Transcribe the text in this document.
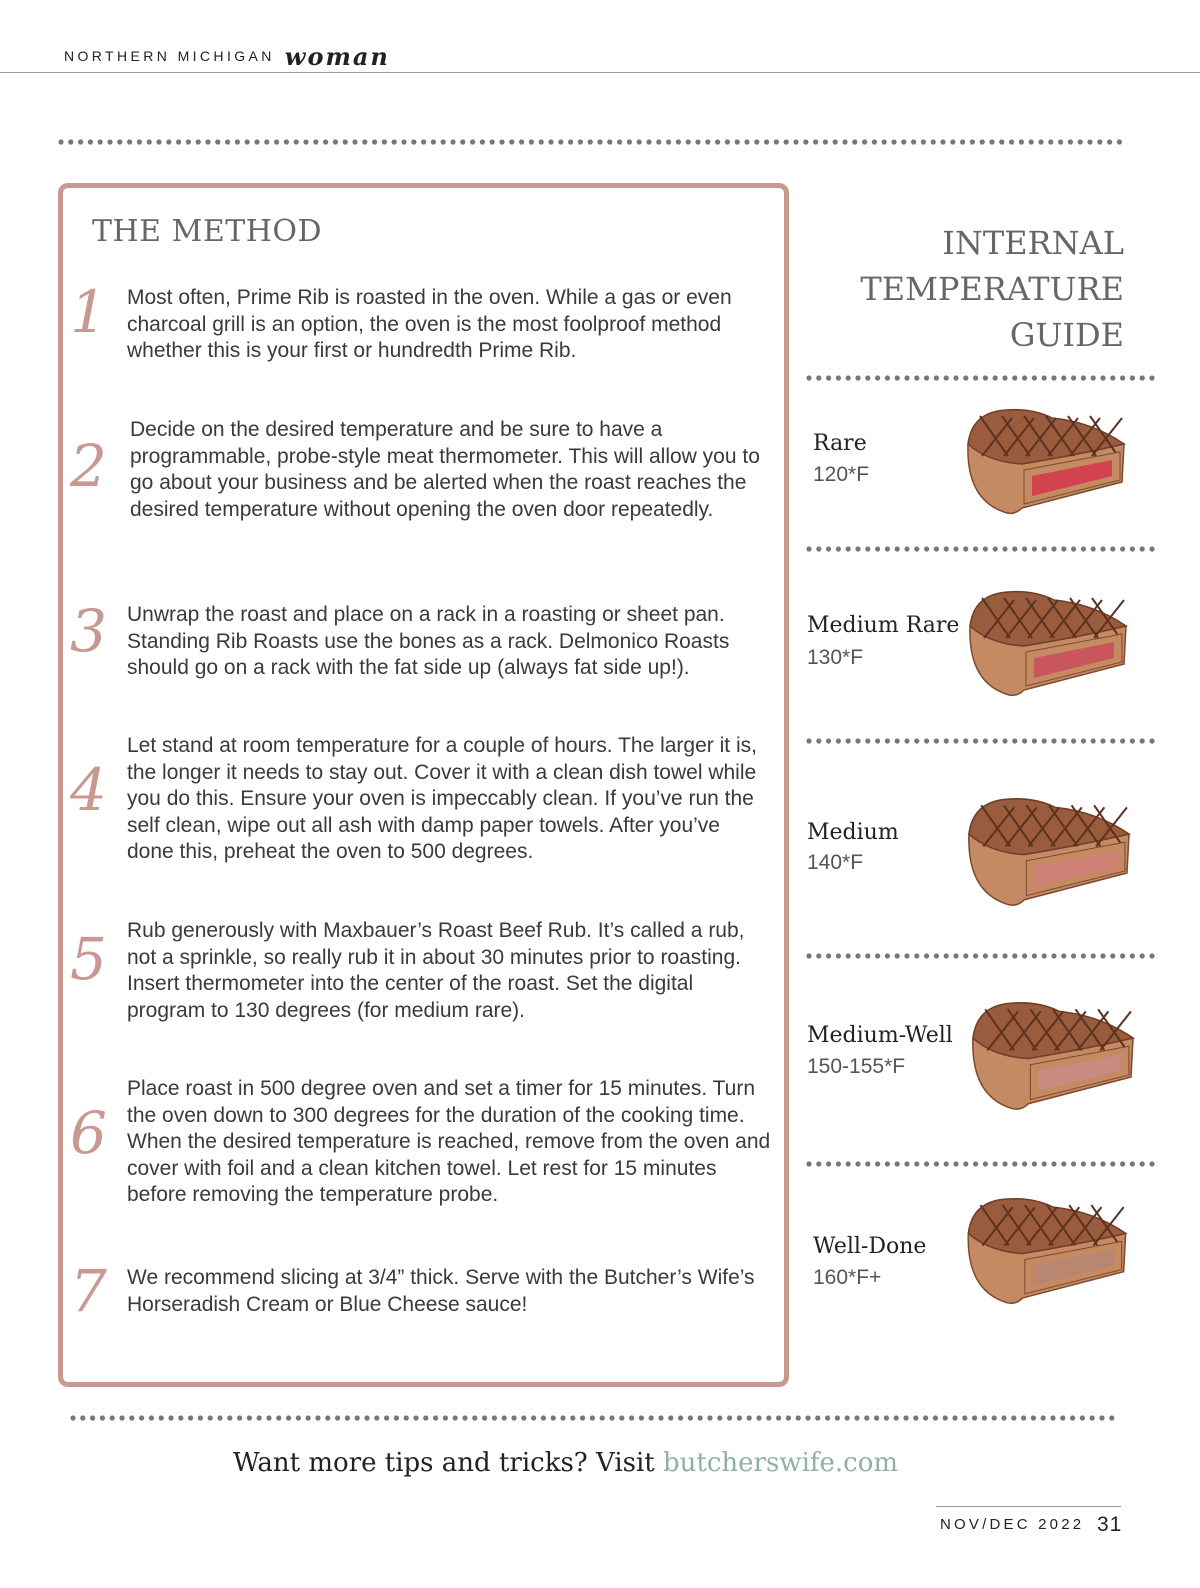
NORTHERN MICHIGAN woman
THE METHOD
1 Most often, Prime Rib is roasted in the oven. While a gas or even charcoal grill is an option, the oven is the most foolproof method whether this is your first or hundredth Prime Rib.
2
Decide on the desired temperature and be sure to have a programmable, probe-style meat thermometer. This will allow you to go about your business and be alerted when the roast reaches the desired temperature without opening the oven door repeatedly.
3 Unwrap the roast and place on a rack in a roasting or sheet pan. Standing Rib Roasts use the bones as a rack. Delmonico Roasts should go on a rack with the fat side up (always fat side up!).
4
Let stand at room temperature for a couple of hours. The larger it is, the longer it needs to stay out. Cover it with a clean dish towel while you do this. Ensure your oven is impeccably clean. If you’ve run the self clean, wipe out all ash with damp paper towels. After you’ve done this, preheat the oven to 500 degrees.
5 Rub generously with Maxbauer’s Roast Beef Rub. It’s called a rub, not a sprinkle, so really rub it in about 30 minutes prior to roasting. Insert thermometer into the center of the roast. Set the digital program to 130 degrees (for medium rare).
6
Place roast in 500 degree oven and set a timer for 15 minutes. Turn the oven down to 300 degrees for the duration of the cooking time. When the desired temperature is reached, remove from the oven and cover with foil and a clean kitchen towel. Let rest for 15 minutes before removing the temperature probe.
7 We recommend slicing at 3/4” thick. Serve with the Butcher’s Wife’s Horseradish Cream or Blue Cheese sauce!
INTERNAL
TEMPERATURE
GUIDE
Rare
120*F
Medium Rare
130*F
Medium
140*F
Medium-Well
150-155*F
Well-Done
160*F+
Want more tips and tricks? Visit butcherswife.com
NOV/DEC 2022 31
